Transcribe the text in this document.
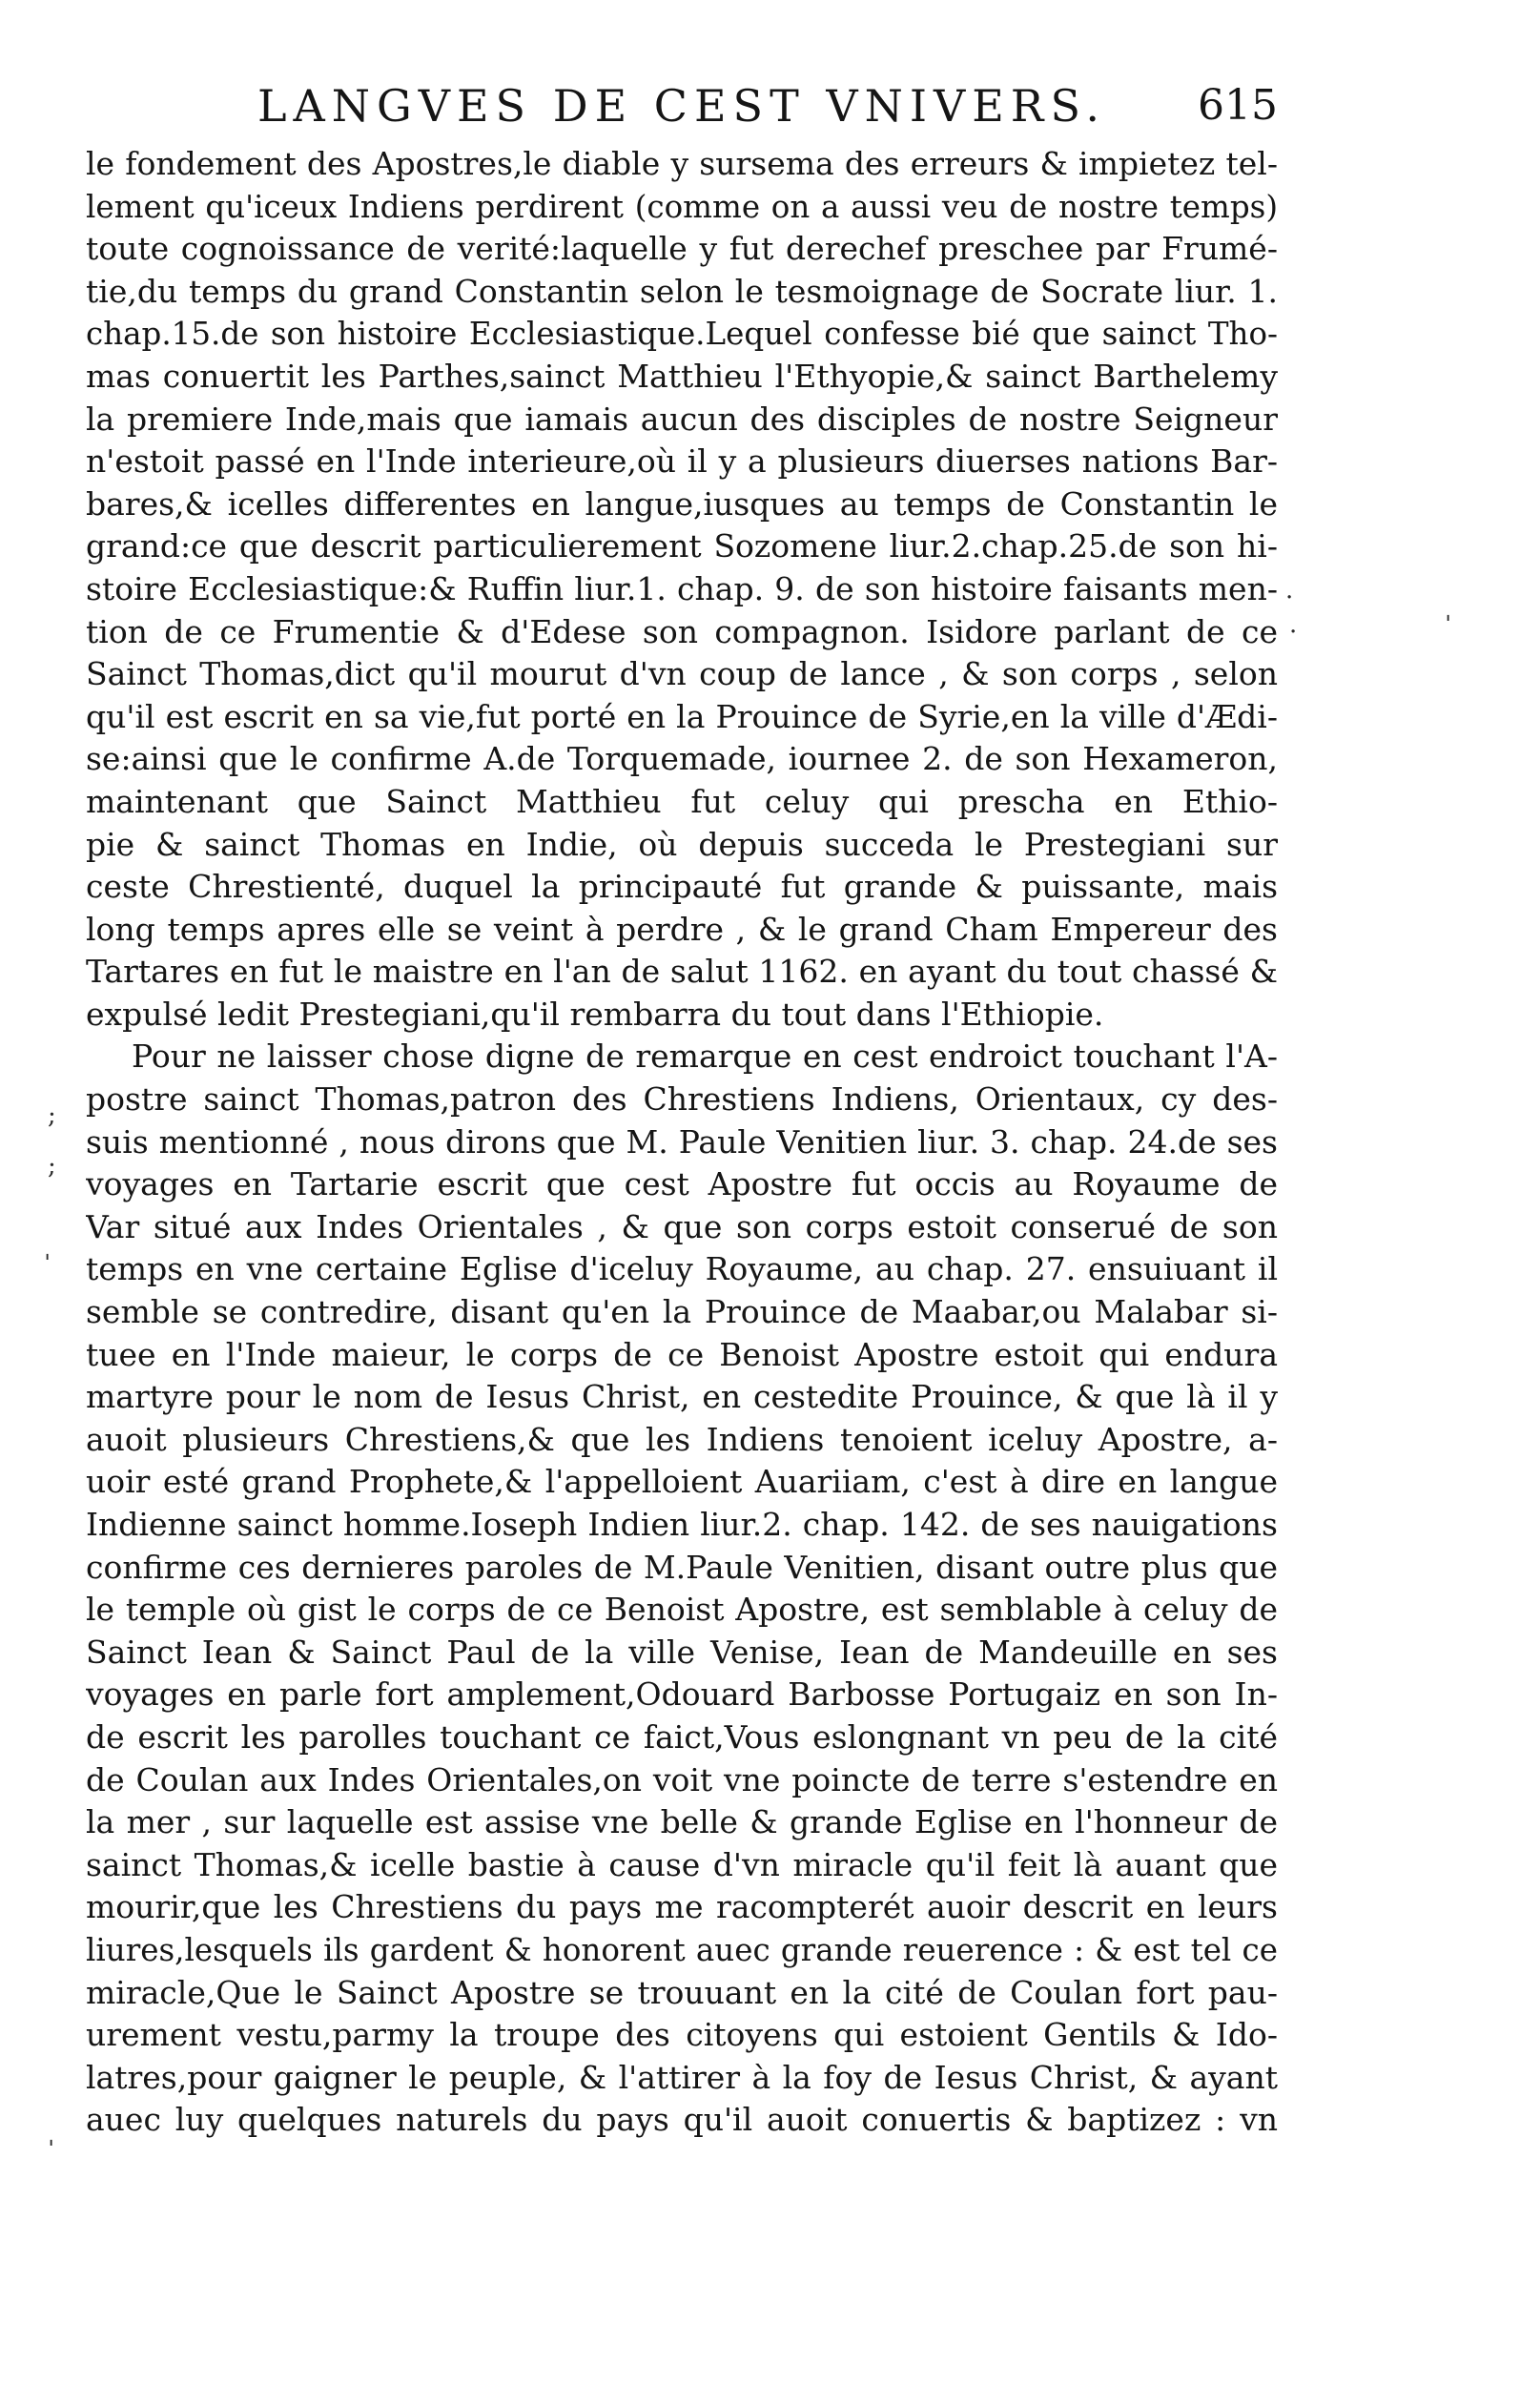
LANGVES DE CEST VNIVERS. 615
le fondement des Apostres,le diable y sursema des erreurs & impietez tel-
lement qu'iceux Indiens perdirent (comme on a aussi veu de nostre temps)
toute cognoissance de verité:laquelle y fut derechef preschee par Frumé-
tie,du temps du grand Constantin selon le tesmoignage de Socrate liur. 1.
chap.15.de son histoire Ecclesiastique.Lequel confesse bié que sainct Tho-
mas conuertit les Parthes,sainct Matthieu l'Ethyopie,& sainct Barthelemy
la premiere Inde,mais que iamais aucun des disciples de nostre Seigneur
n'estoit passé en l'Inde interieure,où il y a plusieurs diuerses nations Bar-
bares,& icelles differentes en langue,iusques au temps de Constantin le
grand:ce que descrit particulierement Sozomene liur.2.chap.25.de son hi-
stoire Ecclesiastique:& Ruffin liur.1. chap. 9. de son histoire faisants men-
tion de ce Frumentie & d'Edese son compagnon. Isidore parlant de ce
Sainct Thomas,dict qu'il mourut d'vn coup de lance , & son corps , selon
qu'il est escrit en sa vie,fut porté en la Prouince de Syrie,en la ville d'Ædi-
se:ainsi que le confirme A.de Torquemade, iournee 2. de son Hexameron,
maintenant que Sainct Matthieu fut celuy qui prescha en Ethio-
pie & sainct Thomas en Indie, où depuis succeda le Prestegiani sur
ceste Chrestienté, duquel la principauté fut grande & puissante, mais
long temps apres elle se veint à perdre , & le grand Cham Empereur des
Tartares en fut le maistre en l'an de salut 1162. en ayant du tout chassé &
expulsé ledit Prestegiani,qu'il rembarra du tout dans l'Ethiopie.
Pour ne laisser chose digne de remarque en cest endroict touchant l'A-
postre sainct Thomas,patron des Chrestiens Indiens, Orientaux, cy des-
suis mentionné , nous dirons que M. Paule Venitien liur. 3. chap. 24.de ses
voyages en Tartarie escrit que cest Apostre fut occis au Royaume de
Var situé aux Indes Orientales , & que son corps estoit conserué de son
temps en vne certaine Eglise d'iceluy Royaume, au chap. 27. ensuiuant il
semble se contredire, disant qu'en la Prouince de Maabar,ou Malabar si-
tuee en l'Inde maieur, le corps de ce Benoist Apostre estoit qui endura
martyre pour le nom de Iesus Christ, en cestedite Prouince, & que là il y
auoit plusieurs Chrestiens,& que les Indiens tenoient iceluy Apostre, a-
uoir esté grand Prophete,& l'appelloient Auariiam, c'est à dire en langue
Indienne sainct homme.Ioseph Indien liur.2. chap. 142. de ses nauigations
confirme ces dernieres paroles de M.Paule Venitien, disant outre plus que
le temple où gist le corps de ce Benoist Apostre, est semblable à celuy de
Sainct Iean & Sainct Paul de la ville Venise, Iean de Mandeuille en ses
voyages en parle fort amplement,Odouard Barbosse Portugaiz en son In-
de escrit les parolles touchant ce faict,Vous eslongnant vn peu de la cité
de Coulan aux Indes Orientales,on voit vne poincte de terre s'estendre en
la mer , sur laquelle est assise vne belle & grande Eglise en l'honneur de
sainct Thomas,& icelle bastie à cause d'vn miracle qu'il feit là auant que
mourir,que les Chrestiens du pays me racompterét auoir descrit en leurs
liures,lesquels ils gardent & honorent auec grande reuerence : & est tel ce
miracle,Que le Sainct Apostre se trouuant en la cité de Coulan fort pau-
urement vestu,parmy la troupe des citoyens qui estoient Gentils & Ido-
latres,pour gaigner le peuple, & l'attirer à la foy de Iesus Christ, & ayant
auec luy quelques naturels du pays qu'il auoit conuertis & baptizez : vn
·
·
ˌ
;
;
ˈ
ˌ
